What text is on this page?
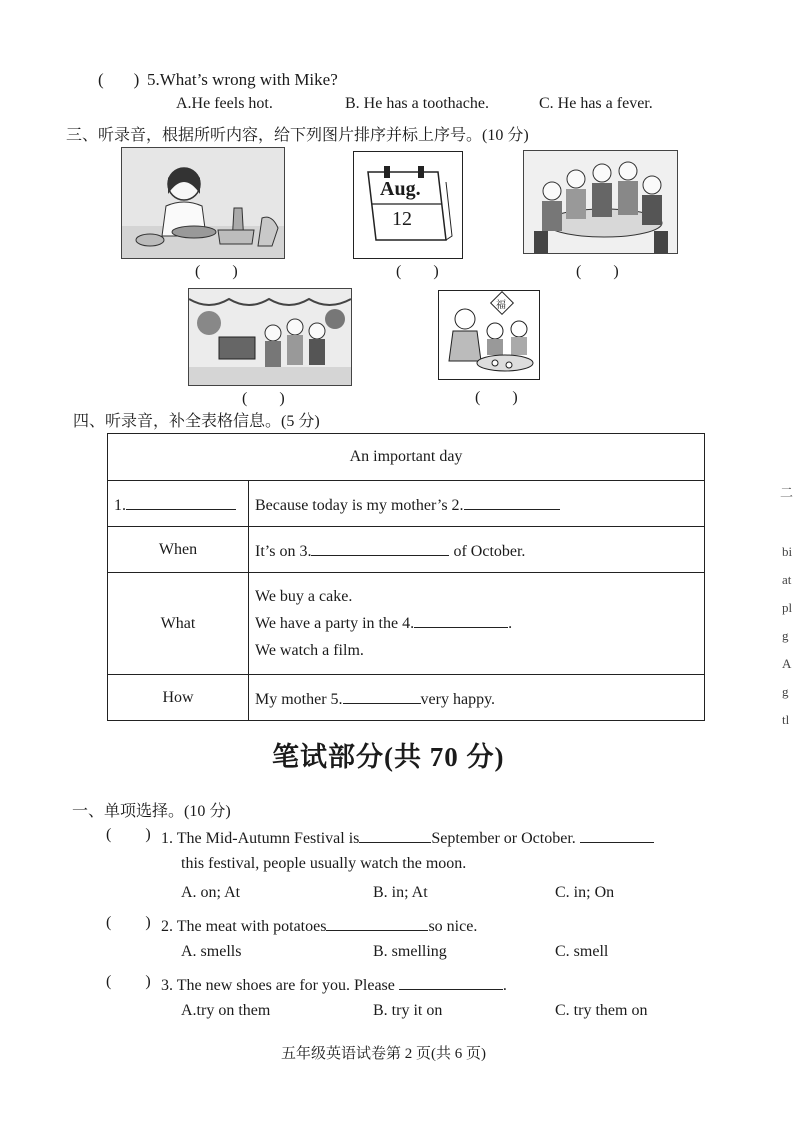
( ) 5.What’s wrong with Mike?
A.He feels hot.	B. He has a toothache.	C. He has a fever.
三、听录音，根据所听内容，给下列图片排序并标上序号。(10 分)
(　　)
Aug.
12
(　　)	(　　)
(　　)
福
(　　)
四、听录音，补全表格信息。(5 分)
An important day	
1.	Because today is my mother’s 2.
When	It’s on 3. of October.
What	We buy a cake.
We have a party in the 4. .
We watch a film.

How	My mother 5. very happy.
笔试部分(共 70 分)
一、单项选择。(10 分)
( ) 1. The Mid-Autumn Festival is	September or October.
this festival, people usually watch the moon.
A. on; At	B. in; At	C. in; On
( ) 2. The meat with potatoes	so nice.
A. smells	B. smelling	C. smell
( ) 3. The new shoes are for you. Please	.
A.try on them	B. try it on	C. try them on
五年级英语试卷第 2 页(共 6 页)
二
bi
at
pl
g
A
g
tl
